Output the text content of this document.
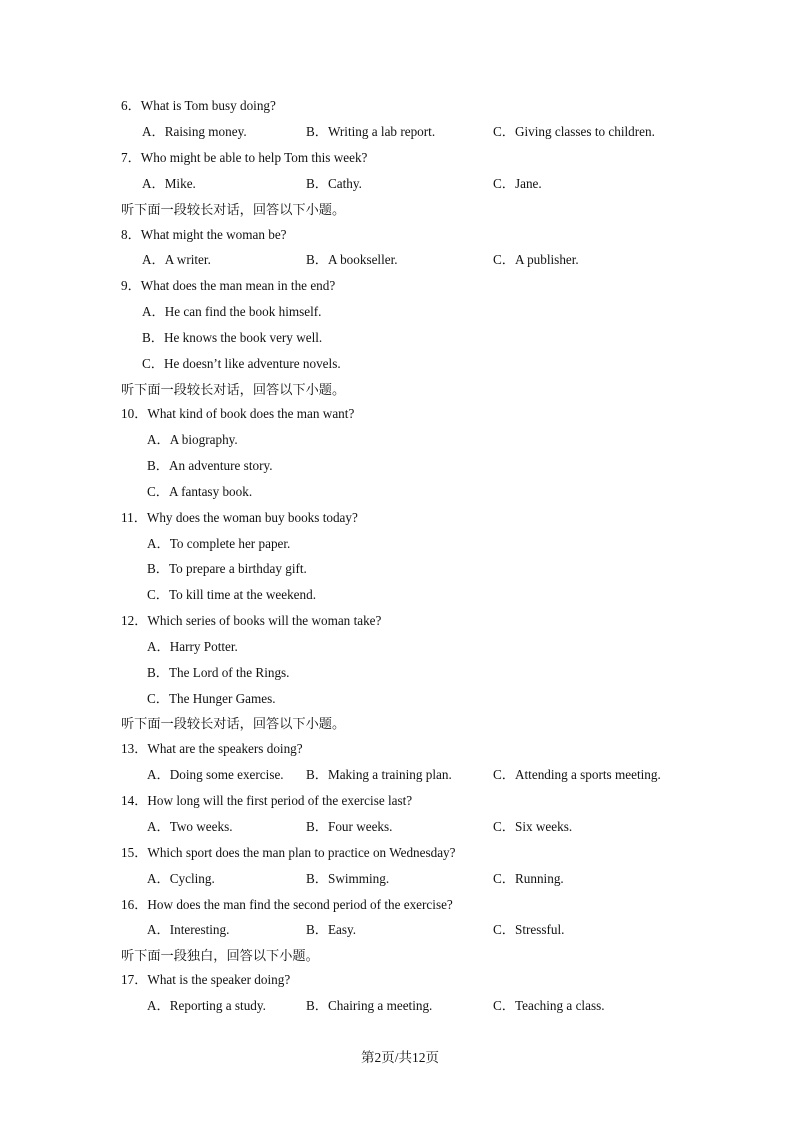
6．What is Tom busy doing?
A．Raising money.	B．Writing a lab report.	C．Giving classes to children.
7．Who might be able to help Tom this week?
A．Mike.	B．Cathy.	C．Jane.
听下面一段较长对话，回答以下小题。
8．What might the woman be?
A．A writer.	B．A bookseller.	C．A publisher.
9．What does the man mean in the end?
A．He can find the book himself.
B．He knows the book very well.
C．He doesn’t like adventure novels.
听下面一段较长对话，回答以下小题。
10．What kind of book does the man want?
A．A biography.
B．An adventure story.
C．A fantasy book.
11．Why does the woman buy books today?
A．To complete her paper.
B．To prepare a birthday gift.
C．To kill time at the weekend.
12．Which series of books will the woman take?
A．Harry Potter.
B．The Lord of the Rings.
C．The Hunger Games.
听下面一段较长对话，回答以下小题。
13．What are the speakers doing?
A．Doing some exercise. B．Making a training plan.	C．Attending a sports meeting.
14．How long will the first period of the exercise last?
A．Two weeks.	B．Four weeks.	C．Six weeks.
15．Which sport does the man plan to practice on Wednesday?
A．Cycling.	B．Swimming.	C．Running.
16．How does the man find the second period of the exercise?
A．Interesting.	B．Easy.	C．Stressful.
听下面一段独白，回答以下小题。
17．What is the speaker doing?
A．Reporting a study.	B．Chairing a meeting.	C．Teaching a class.
第2页/共12页
